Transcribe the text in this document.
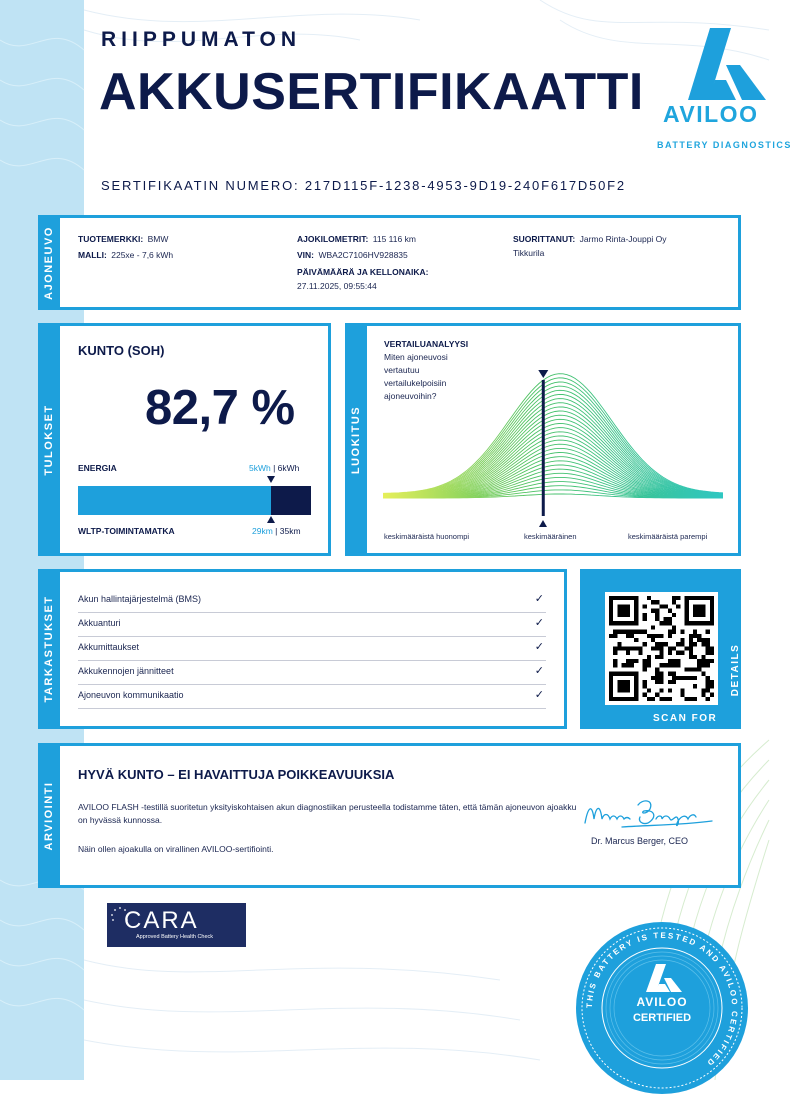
RIIPPUMATON
AKKUSERTIFIKAATTI AVILOO
BATTERY DIAGNOSTICS
SERTIFIKAATIN NUMERO: 217D115F-1238-4953-9D19-240F617D50F2
AJONEUVO	TUOTEMERKKI: BMW
MALLI: 225xe - 7,6 kWh
AJOKILOMETRIT: 115 116 km
VIN: WBA2C7106HV928835
PÄIVÄMÄÄRÄ JA KELLONAIKA:
27.11.2025, 09:55:44
SUORITTANUT: Jarmo Rinta-Jouppi Oy
Tikkurila
TULOKSET
KUNTO (SOH)
82,7 %
ENERGIA	5kWh | 6kWh
WLTP-TOIMINTAMATKA	29km | 35km
LUOKITUS
VERTAILUANALYYSI
Miten ajoneuvosi vertautuu vertailukelpoisiin ajoneuvoihin?
keskimääräistä huonompi	keskimääräinen	keskimääräistä parempi
TARKASTUKSET	Akun hallintajärjestelmä (BMS)	✓
Akkuanturi	✓
Akkumittaukset	✓
Akkukennojen jännitteet	✓
Ajoneuvon kommunikaatio	✓
SCAN FOR
DETAILS
ARVIOINTI
HYVÄ KUNTO – EI HAVAITTUJA POIKKEAVUUKSIA
AVILOO FLASH -testillä suoritetun yksityiskohtaisen akun diagnostiikan perusteella todistamme täten, että tämän ajoneuvon ajoakku on hyvässä kunnossa.
Näin ollen ajoakulla on virallinen AVILOO-sertifiointi.
Dr. Marcus Berger, CEO
CARA
Approved Battery Health Check
THIS BATTERY IS TESTED AND AVILOO CERTIFIED
AVILOO
CERTIFIED
